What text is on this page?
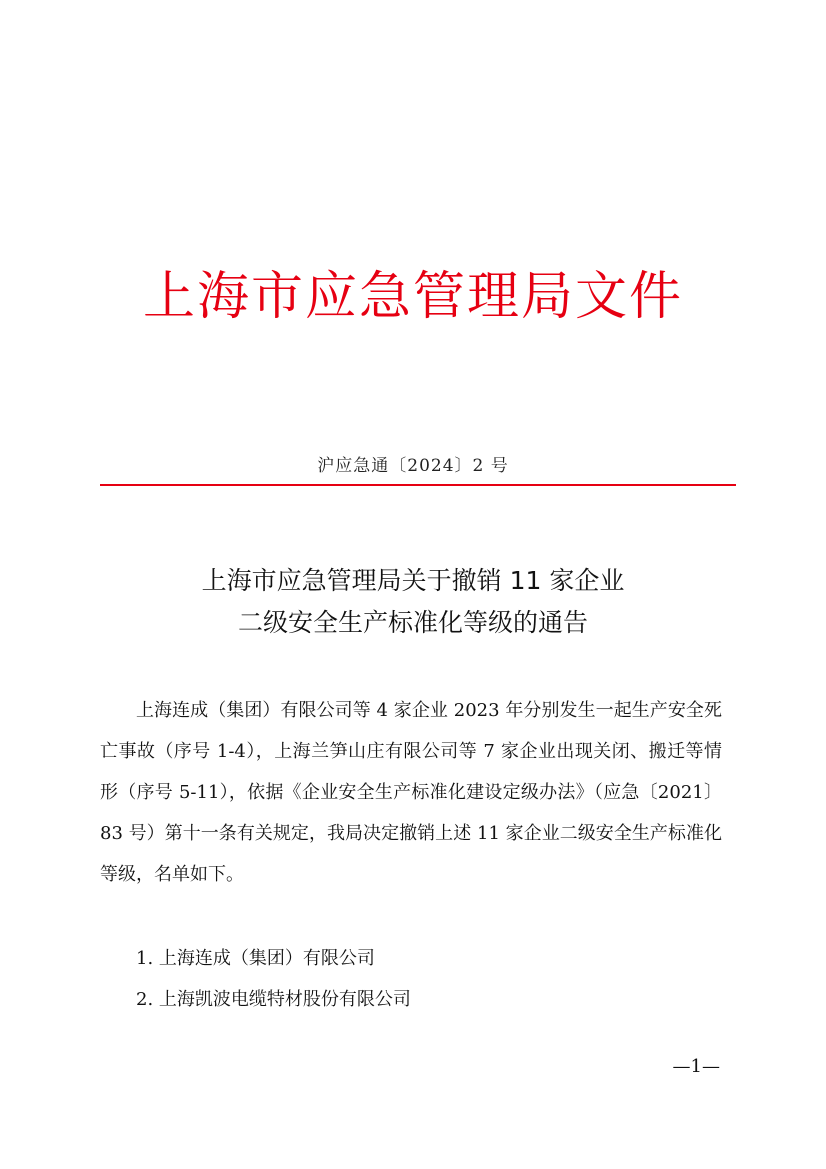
上海市应急管理局文件
沪应急通〔2024〕2 号
上海市应急管理局关于撤销 11 家企业
二级安全生产标准化等级的通告

上海连成（集团）有限公司等 4 家企业 2023 年分别发生一起生产安全死亡事故（序号 1-4），上海兰笋山庄有限公司等 7 家企业出现关闭、搬迁等情形（序号 5-11），依据《企业安全生产标准化建设定级办法》（应急〔2021〕83 号）第十一条有关规定，我局决定撤销上述 11 家企业二级安全生产标准化等级，名单如下。

1. 上海连成（集团）有限公司
2. 上海凯波电缆特材股份有限公司
—1—
